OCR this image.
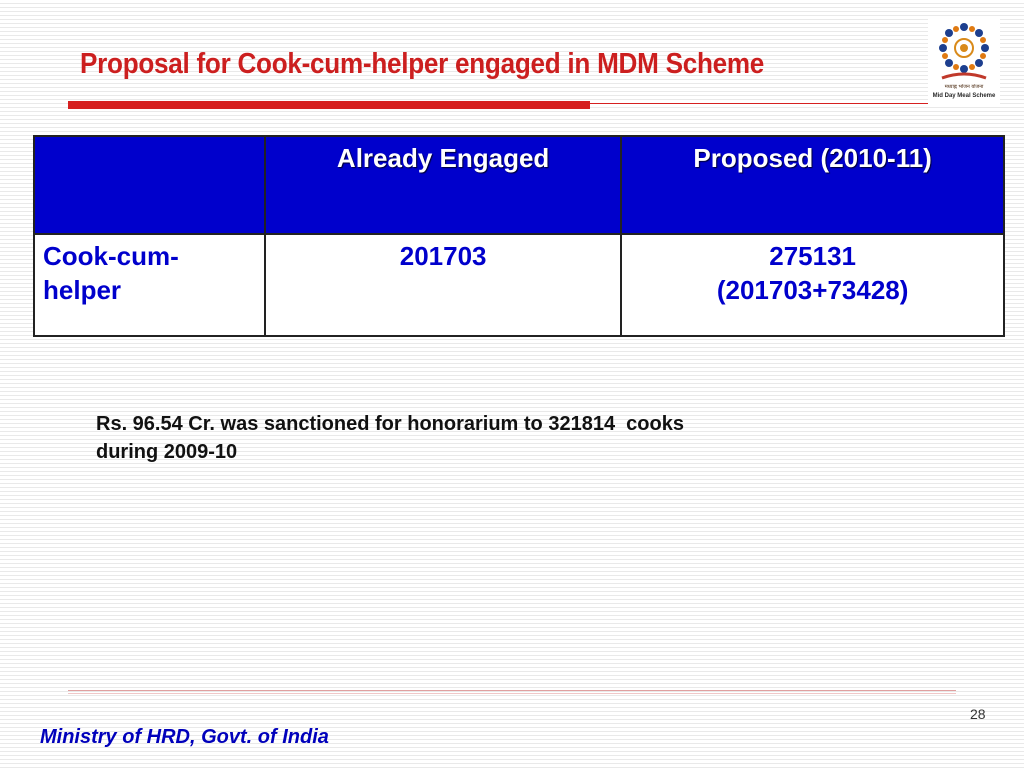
Proposal for Cook-cum-helper engaged in MDM Scheme
मध्याह्न भोजन योजना
Mid Day Meal Scheme
	Already Engaged	Proposed (2010-11)

Cook-cum-
helper	201703	275131
(201703+73428)

Rs. 96.54 Cr. was sanctioned for honorarium to 321814  cooks
during 2009-10

28

Ministry of HRD, Govt. of India
